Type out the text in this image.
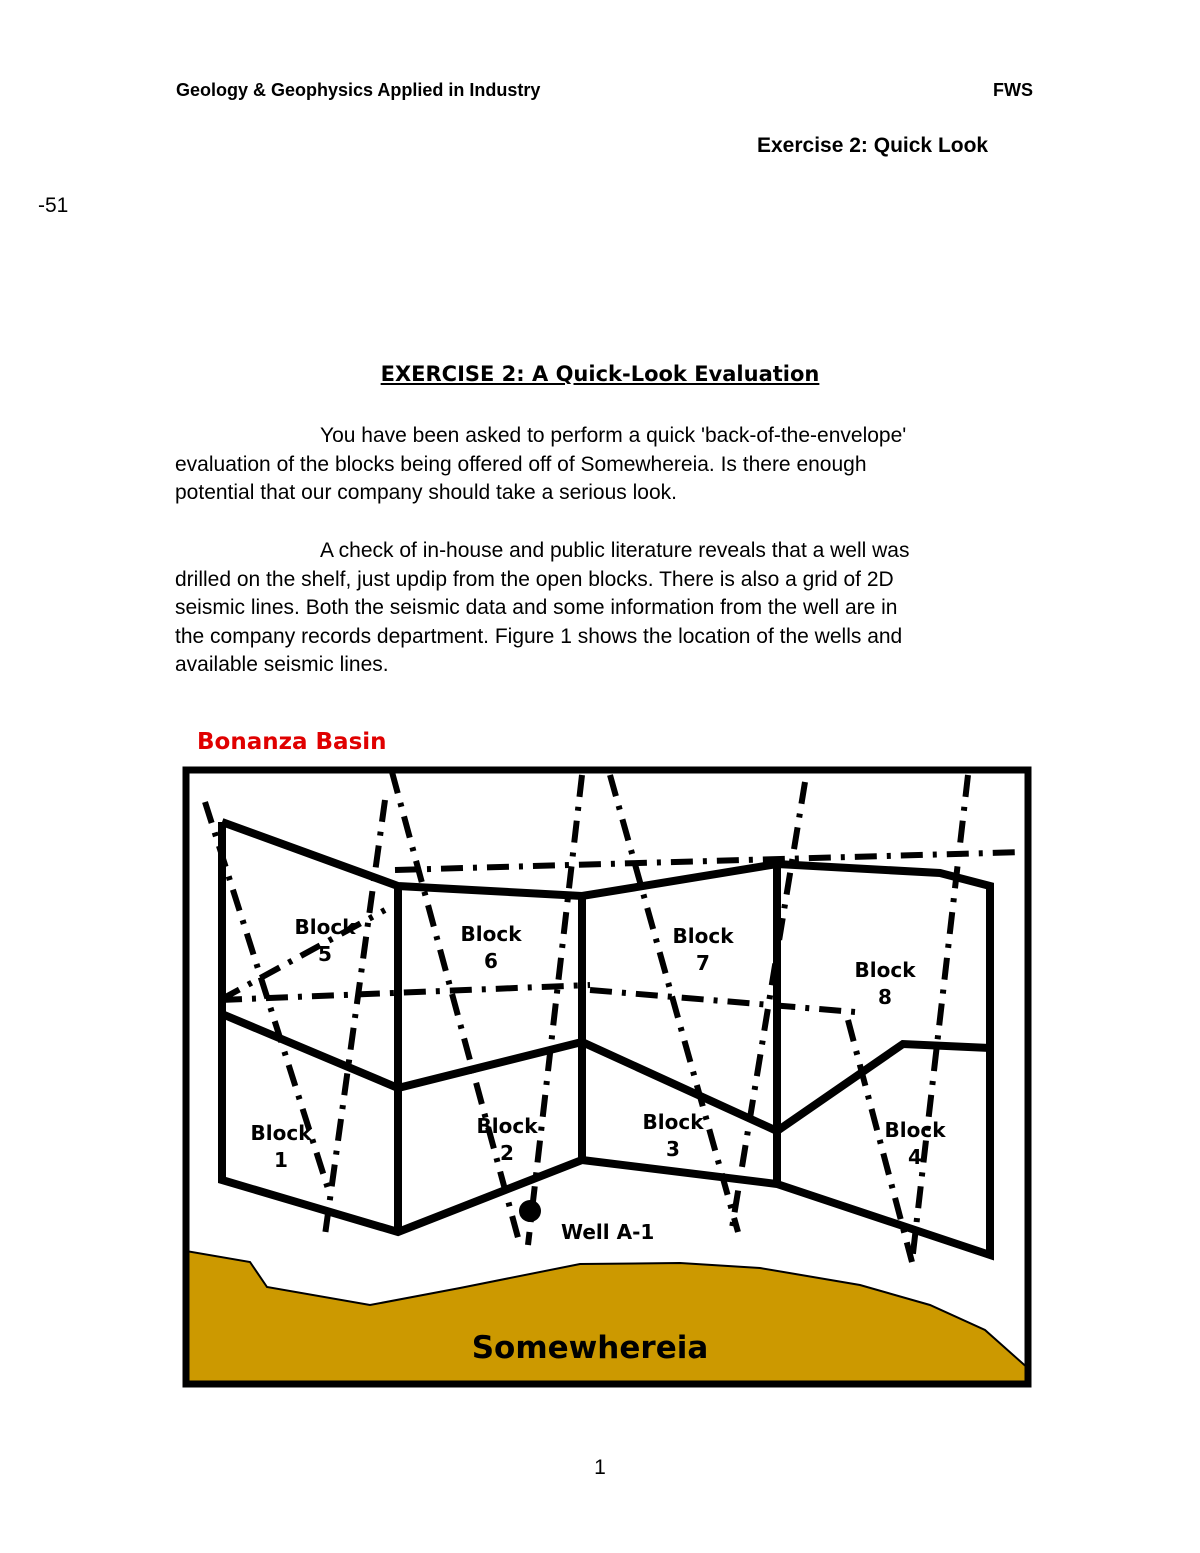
Geology & Geophysics Applied in Industry	FWS
Exercise 2: Quick Look
-51
EXERCISE 2: A Quick-Look Evaluation
You have been asked to perform a quick 'back-of-the-envelope'
evaluation of the blocks being offered off of Somewhereia. Is there enough
potential that our company should take a serious look.
A check of in-house and public literature reveals that a well was
drilled on the shelf, just updip from the open blocks. There is also a grid of 2D
seismic lines. Both the seismic data and some information from the well are in
the company records department. Figure 1 shows the location of the wells and
available seismic lines.
Bonanza Basin
Block
5
Block
6
Block
7	Block
8
Block
1
Block
2
Block
3
Block
4
Well A-1
Somewhereia
1
